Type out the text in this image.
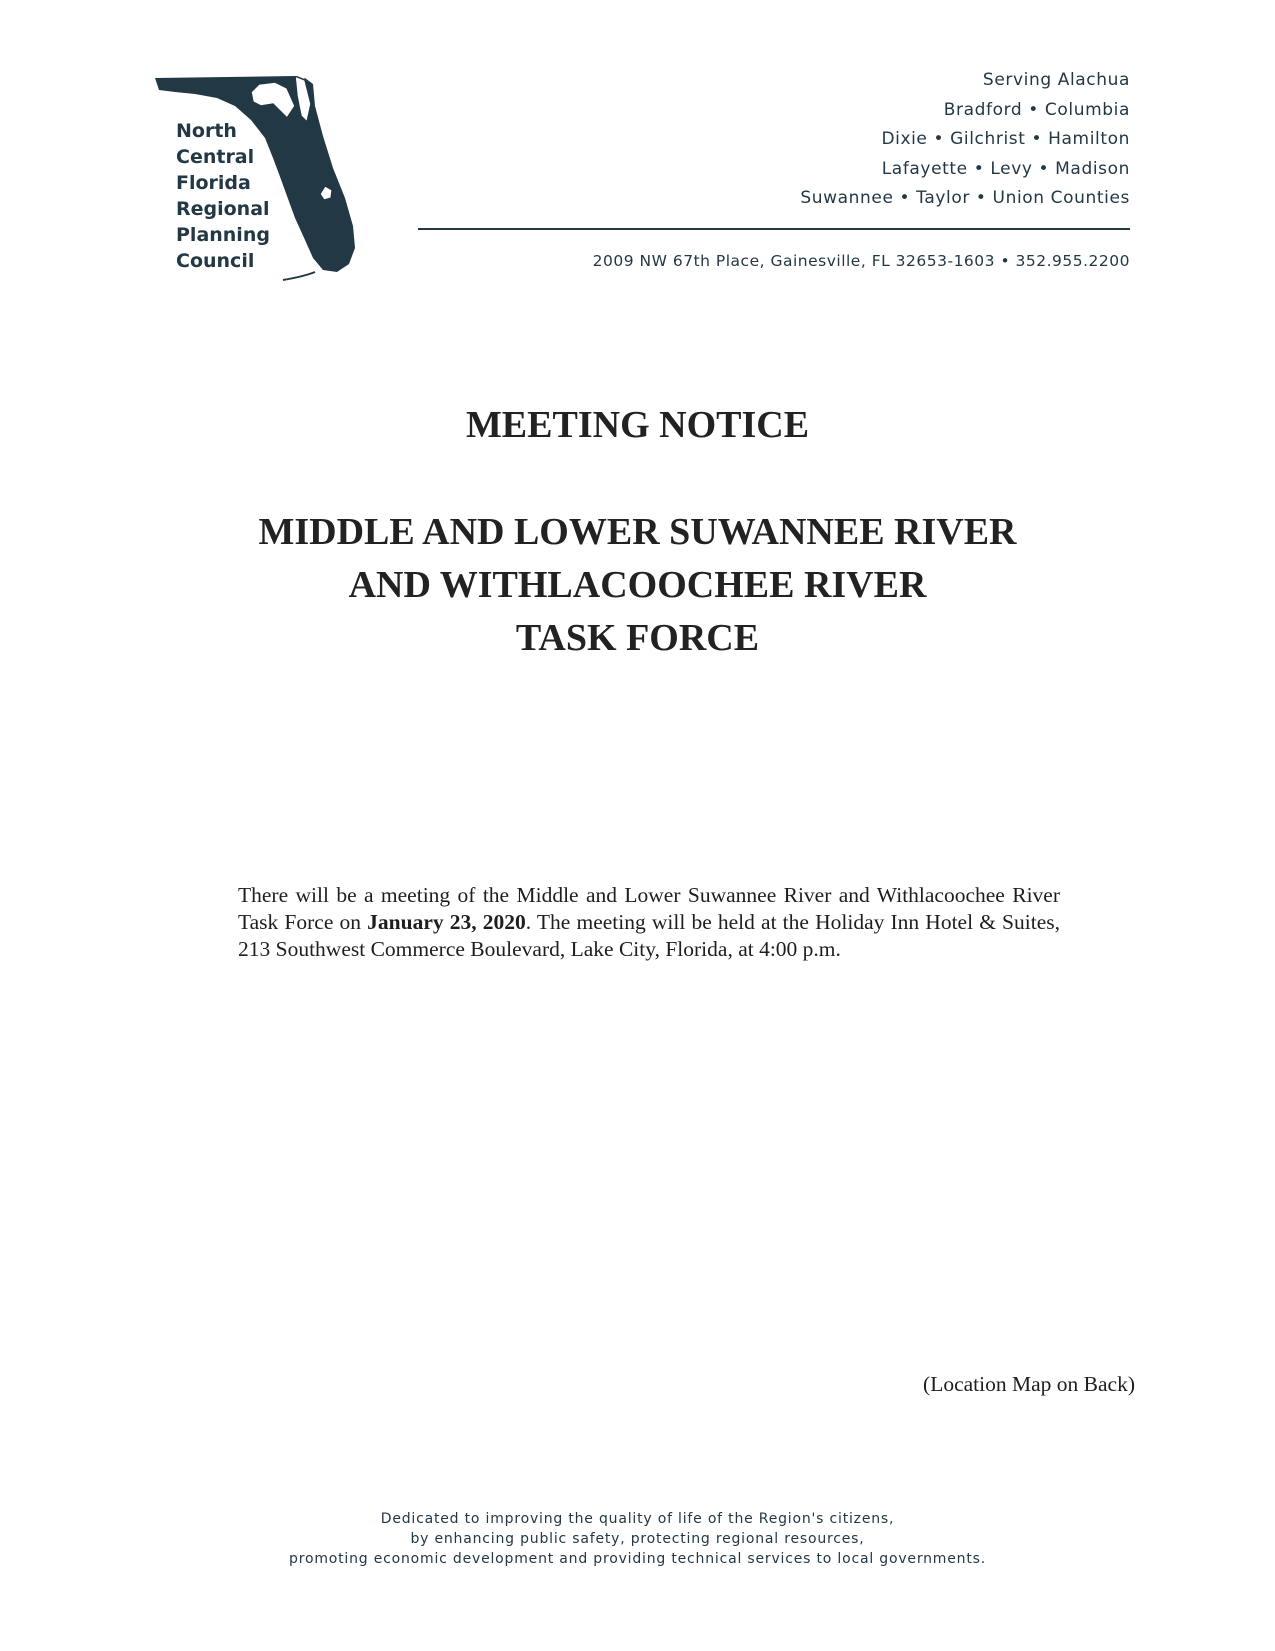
North
Central
Florida
Regional
Planning
Council
Serving Alachua
Bradford • Columbia
Dixie • Gilchrist • Hamilton
Lafayette • Levy • Madison
Suwannee • Taylor • Union Counties
2009 NW 67th Place, Gainesville, FL 32653-1603 • 352.955.2200
MEETING NOTICE
MIDDLE AND LOWER SUWANNEE RIVER
AND WITHLACOOCHEE RIVER
TASK FORCE

There will be a meeting of the Middle and Lower Suwannee River and Withlacoochee River Task Force on January 23, 2020. The meeting will be held at the Holiday Inn Hotel & Suites, 213 Southwest Commerce Boulevard, Lake City, Florida, at 4:00 p.m.

(Location Map on Back)
Dedicated to improving the quality of life of the Region's citizens,
by enhancing public safety, protecting regional resources,
promoting economic development and providing technical services to local governments.
